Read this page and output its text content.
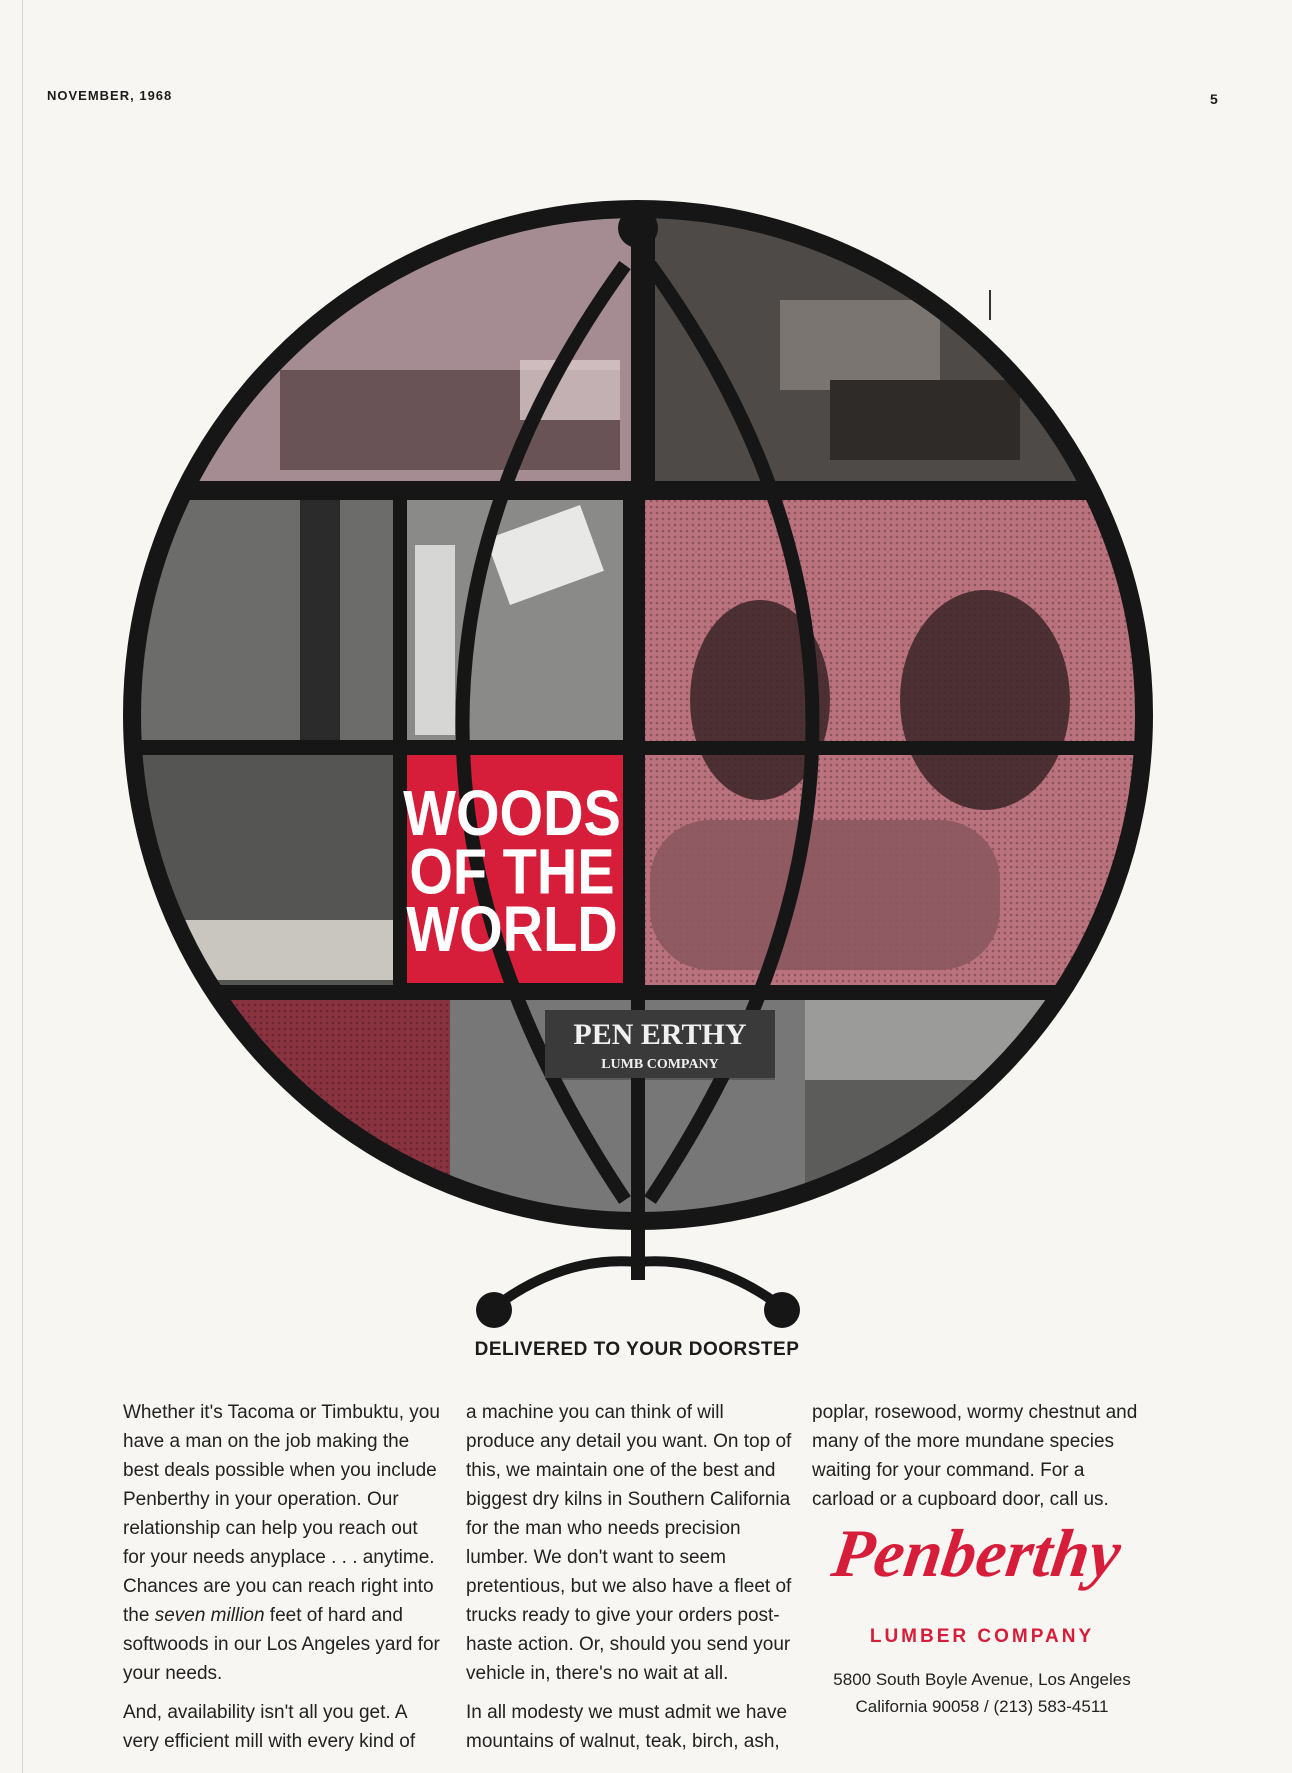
NOVEMBER, 1968	5
WOODS
OF THE
WORLD
PEN ERTHY
LUMB COMPANY
DELIVERED TO YOUR DOORSTEP

Whether it's Tacoma or Timbuktu, you have a man on the job making the best deals possible when you include Penberthy in your operation. Our relationship can help you reach out for your needs anyplace . . . anytime. Chances are you can reach right into the seven million feet of hard and softwoods in our Los Angeles yard for your needs.

And, availability isn't all you get. A very efficient mill with every kind of

a machine you can think of will produce any detail you want. On top of this, we maintain one of the best and biggest dry kilns in Southern California for the man who needs precision lumber. We don't want to seem pretentious, but we also have a fleet of trucks ready to give your orders post-haste action. Or, should you send your vehicle in, there's no wait at all.

In all modesty we must admit we have mountains of walnut, teak, birch, ash,

poplar, rosewood, wormy chestnut and many of the more mundane species waiting for your command. For a carload or a cupboard door, call us.

Penberthy
LUMBER COMPANY
5800 South Boyle Avenue, Los Angeles
California 90058 / (213) 583-4511
